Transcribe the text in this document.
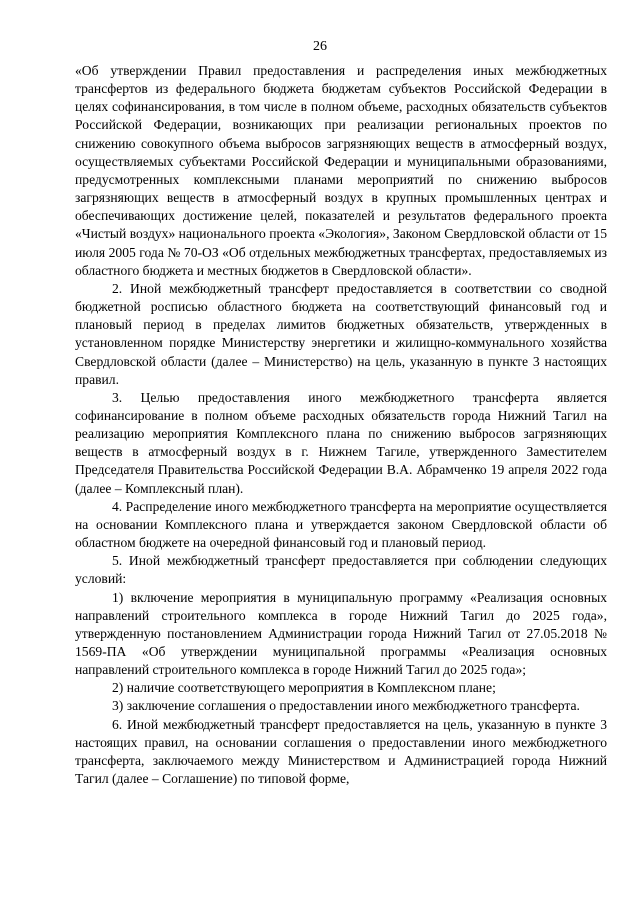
26

«Об утверждении Правил предоставления и распределения иных межбюджетных трансфертов из федерального бюджета бюджетам субъектов Российской Федерации в целях софинансирования, в том числе в полном объеме, расходных обязательств субъектов Российской Федерации, возникающих при реализации региональных проектов по снижению совокупного объема выбросов загрязняющих веществ в атмосферный воздух, осуществляемых субъектами Российской Федерации и муниципальными образованиями, предусмотренных комплексными планами мероприятий по снижению выбросов загрязняющих веществ в атмосферный воздух в крупных промышленных центрах и обеспечивающих достижение целей, показателей и результатов федерального проекта «Чистый воздух» национального проекта «Экология», Законом Свердловской области от 15 июля 2005 года № 70-ОЗ «Об отдельных межбюджетных трансфертах, предоставляемых из областного бюджета и местных бюджетов в Свердловской области».

2. Иной межбюджетный трансферт предоставляется в соответствии со сводной бюджетной росписью областного бюджета на соответствующий финансовый год и плановый период в пределах лимитов бюджетных обязательств, утвержденных в установленном порядке Министерству энергетики и жилищно-коммунального хозяйства Свердловской области (далее – Министерство) на цель, указанную в пункте 3 настоящих правил.

3. Целью предоставления иного межбюджетного трансферта является софинансирование в полном объеме расходных обязательств города Нижний Тагил на реализацию мероприятия Комплексного плана по снижению выбросов загрязняющих веществ в атмосферный воздух в г. Нижнем Тагиле, утвержденного Заместителем Председателя Правительства Российской Федерации В.А. Абрамченко 19 апреля 2022 года (далее – Комплексный план).

4. Распределение иного межбюджетного трансферта на мероприятие осуществляется на основании Комплексного плана и утверждается законом Свердловской области об областном бюджете на очередной финансовый год и плановый период.

5. Иной межбюджетный трансферт предоставляется при соблюдении следующих условий:

1) включение мероприятия в муниципальную программу «Реализация основных направлений строительного комплекса в городе Нижний Тагил до 2025 года», утвержденную постановлением Администрации города Нижний Тагил от 27.05.2018 № 1569-ПА «Об утверждении муниципальной программы «Реализация основных направлений строительного комплекса в городе Нижний Тагил до 2025 года»;

2) наличие соответствующего мероприятия в Комплексном плане;

3) заключение соглашения о предоставлении иного межбюджетного трансферта.

6. Иной межбюджетный трансферт предоставляется на цель, указанную в пункте 3 настоящих правил, на основании соглашения о предоставлении иного межбюджетного трансферта, заключаемого между Министерством и Администрацией города Нижний Тагил (далее – Соглашение) по типовой форме,
